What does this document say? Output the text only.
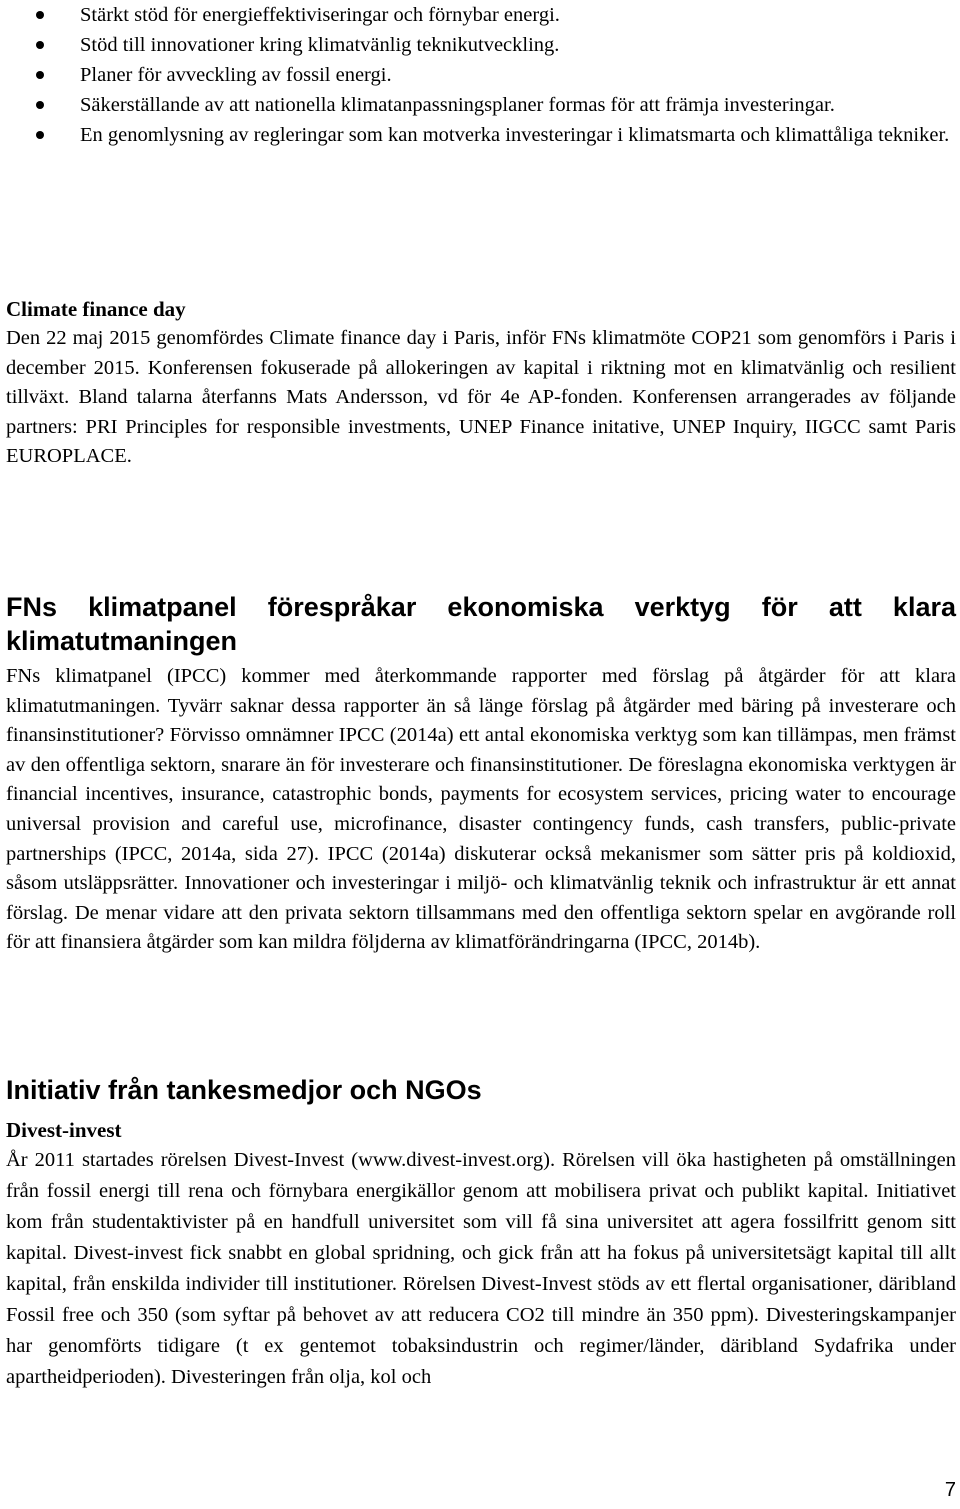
Stärkt stöd för energieffektiviseringar och förnybar energi.
Stöd till innovationer kring klimatvänlig teknikutveckling.
Planer för avveckling av fossil energi.
Säkerställande av att nationella klimatanpassningsplaner formas för att främja investeringar.
En genomlysning av regleringar som kan motverka investeringar i klimatsmarta och klimattåliga tekniker.
Climate finance day

Den 22 maj 2015 genomfördes Climate finance day i Paris, inför FNs klimatmöte COP21 som genomförs i Paris i december 2015. Konferensen fokuserade på allokeringen av kapital i riktning mot en klimatvänlig och resilient tillväxt. Bland talarna återfanns Mats Andersson, vd för 4e AP-fonden. Konferensen arrangerades av följande partners: PRI Principles for responsible investments, UNEP Finance initative, UNEP Inquiry, IIGCC samt Paris EUROPLACE.

FNs klimatpanel förespråkar ekonomiska verktyg för att klara klimatutmaningen

FNs klimatpanel (IPCC) kommer med återkommande rapporter med förslag på åtgärder för att klara klimatutmaningen. Tyvärr saknar dessa rapporter än så länge förslag på åtgärder med bäring på investerare och finansinstitutioner? Förvisso omnämner IPCC (2014a) ett antal ekonomiska verktyg som kan tillämpas, men främst av den offentliga sektorn, snarare än för investerare och finansinstitutioner. De föreslagna ekonomiska verktygen är financial incentives, insurance, catastrophic bonds, payments for ecosystem services, pricing water to encourage universal provision and careful use, microfinance, disaster contingency funds, cash transfers, public-private partnerships (IPCC, 2014a, sida 27). IPCC (2014a) diskuterar också mekanismer som sätter pris på koldioxid, såsom utsläppsrätter. Innovationer och investeringar i miljö- och klimatvänlig teknik och infrastruktur är ett annat förslag. De menar vidare att den privata sektorn tillsammans med den offentliga sektorn spelar en avgörande roll för att finansiera åtgärder som kan mildra följderna av klimatförändringarna (IPCC, 2014b).

Initiativ från tankesmedjor och NGOs
Divest-invest

År 2011 startades rörelsen Divest-Invest (www.divest-invest.org). Rörelsen vill öka hastigheten på omställningen från fossil energi till rena och förnybara energikällor genom att mobilisera privat och publikt kapital. Initiativet kom från studentaktivister på en handfull universitet som vill få sina universitet att agera fossilfritt genom sitt kapital. Divest-invest fick snabbt en global spridning, och gick från att ha fokus på universitetsägt kapital till allt kapital, från enskilda individer till institutioner. Rörelsen Divest-Invest stöds av ett flertal organisationer, däribland Fossil free och 350 (som syftar på behovet av att reducera CO2 till mindre än 350 ppm). Divesteringskampanjer har genomförts tidigare (t ex gentemot tobaksindustrin och regimer/länder, däribland Sydafrika under apartheidperioden). Divesteringen från olja, kol och

7
